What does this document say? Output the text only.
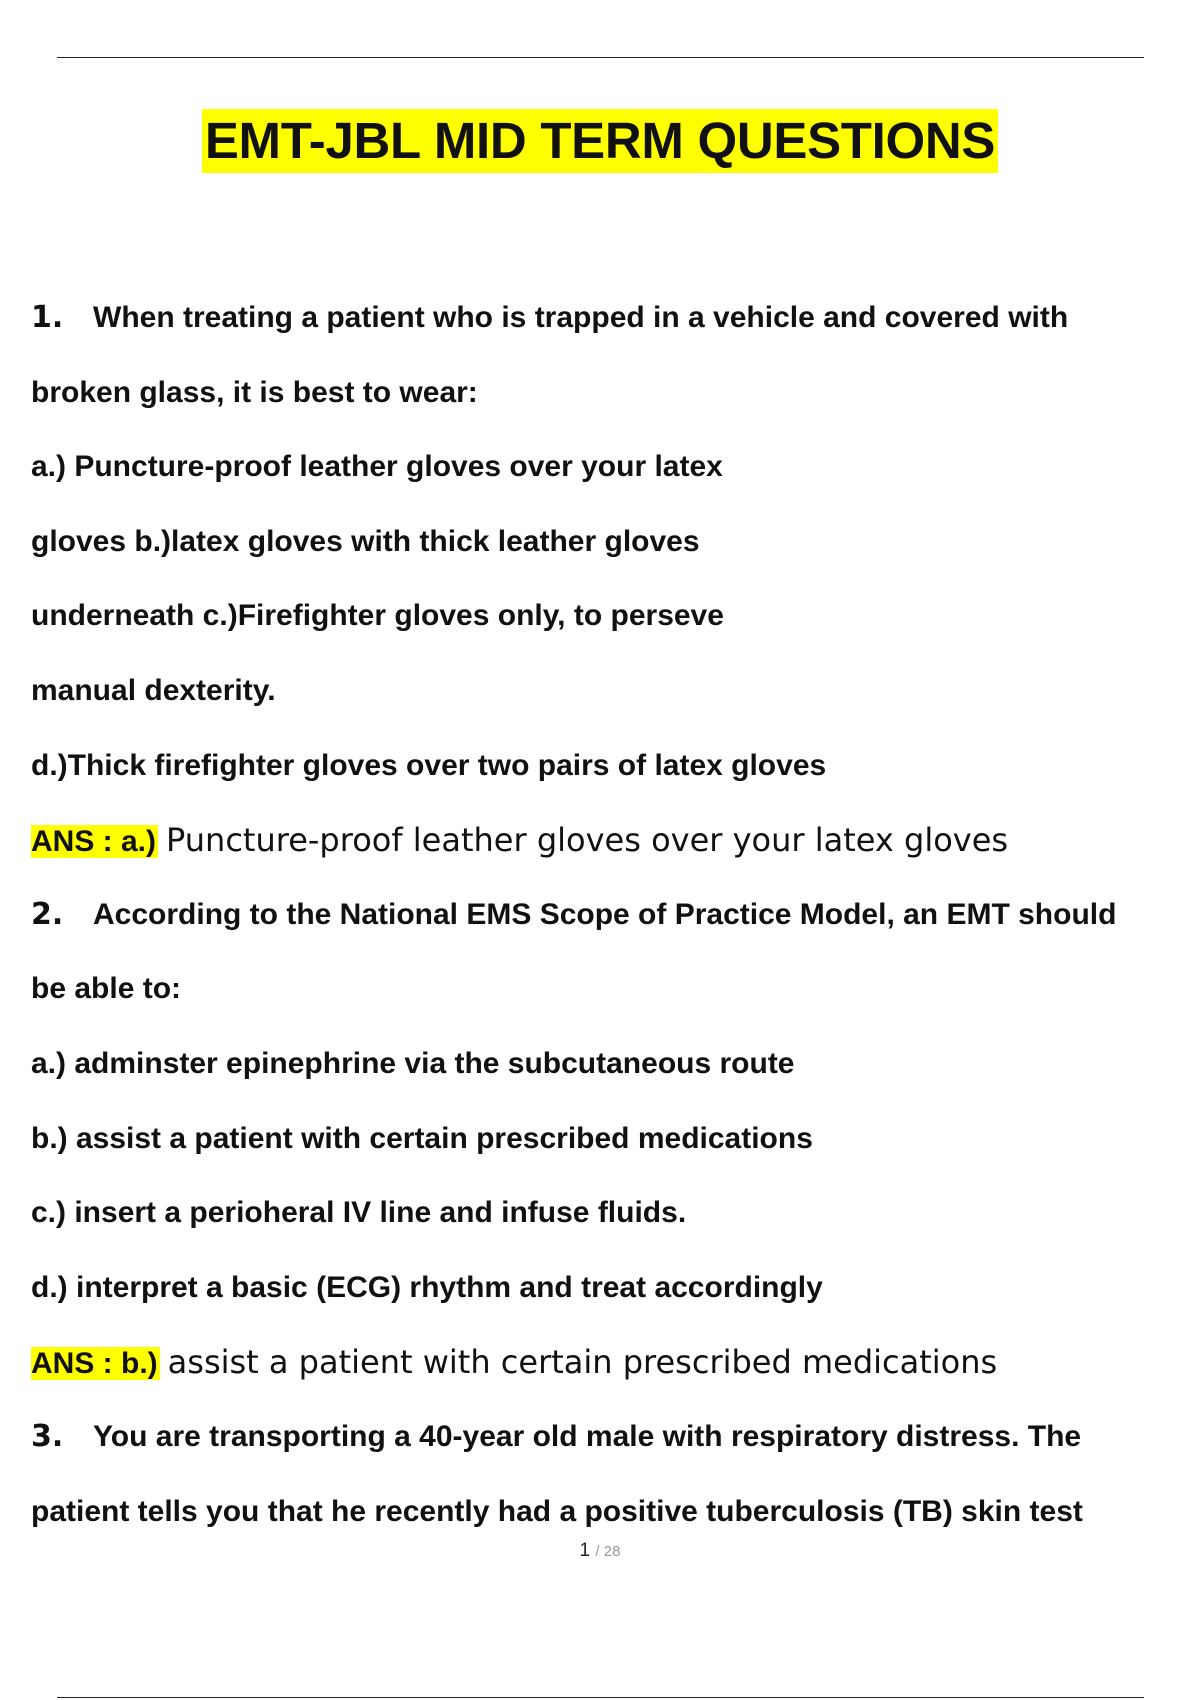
EMT-JBL MID TERM QUESTIONS
1. When treating a patient who is trapped in a vehicle and covered with
broken glass, it is best to wear:
a.) Puncture-proof leather gloves over your latex
gloves b.)latex gloves with thick leather gloves
underneath c.)Firefighter gloves only, to perseve
manual dexterity.
d.)Thick firefighter gloves over two pairs of latex gloves
ANS : a.) Puncture-proof leather gloves over your latex gloves
2. According to the National EMS Scope of Practice Model, an EMT should
be able to:
a.) adminster epinephrine via the subcutaneous route
b.) assist a patient with certain prescribed medications
c.) insert a perioheral IV line and infuse fluids.
d.) interpret a basic (ECG) rhythm and treat accordingly
ANS : b.) assist a patient with certain prescribed medications
3. You are transporting a 40-year old male with respiratory distress. The
patient tells you that he recently had a positive tuberculosis (TB) skin test
1 / 28
